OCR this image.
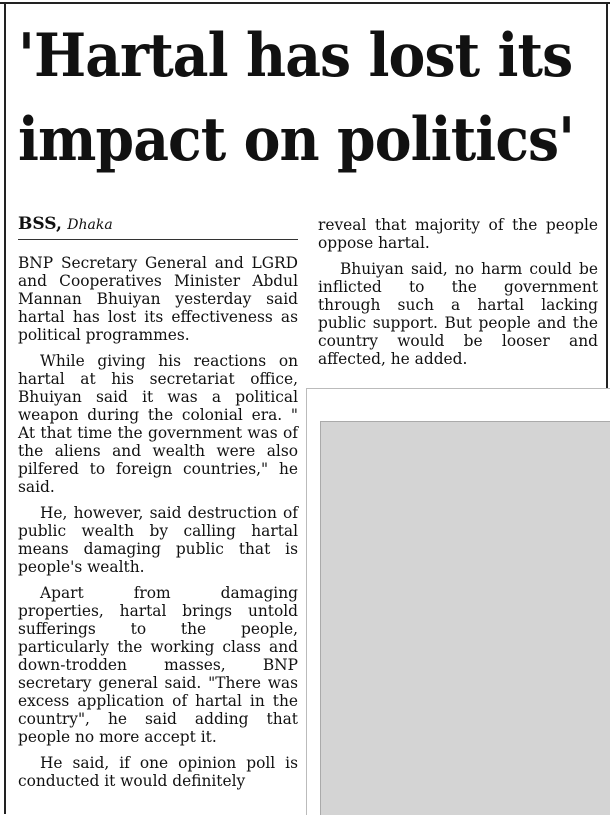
'Hartal has lost its
impact on politics'
BSS, Dhaka

BNP Secretary General and LGRD and Cooperatives Minister Abdul Mannan Bhuiyan yesterday said hartal has lost its effectiveness as political programmes.

While giving his reactions on hartal at his secretariat office, Bhuiyan said it was a political weapon during the colonial era. " At that time the government was of the aliens and wealth were also pilfered to foreign countries," he said.

He, however, said destruction of public wealth by calling hartal means damaging public that is people's wealth.

Apart from damaging properties, hartal brings untold sufferings to the people, particularly the working class and down-trodden masses, BNP secretary general said. "There was excess application of hartal in the country", he said adding that people no more accept it.

He said, if one opinion poll is conducted it would definitely

reveal that majority of the people oppose hartal.

Bhuiyan said, no harm could be inflicted to the government through such a hartal lacking public support. But people and the country would be looser and affected, he added.
